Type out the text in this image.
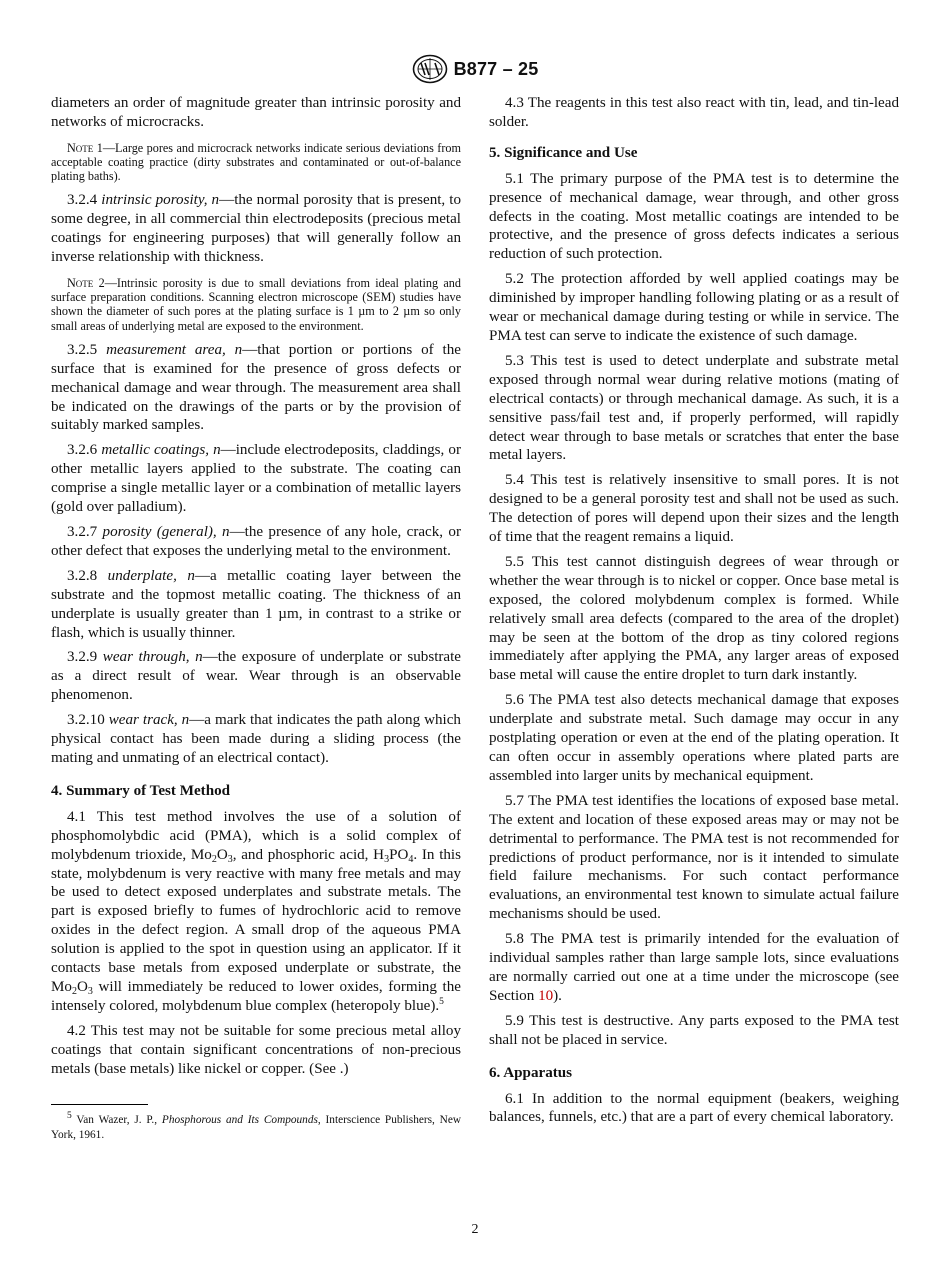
B877 – 25

diameters an order of magnitude greater than intrinsic porosity and networks of microcracks.

Note 1—Large pores and microcrack networks indicate serious deviations from acceptable coating practice (dirty substrates and contaminated or out-of-balance plating baths).

3.2.4 intrinsic porosity, n—the normal porosity that is present, to some degree, in all commercial thin electrodeposits (precious metal coatings for engineering purposes) that will generally follow an inverse relationship with thickness.

Note 2—Intrinsic porosity is due to small deviations from ideal plating and surface preparation conditions. Scanning electron microscope (SEM) studies have shown the diameter of such pores at the plating surface is 1 µm to 2 µm so only small areas of underlying metal are exposed to the environment.

3.2.5 measurement area, n—that portion or portions of the surface that is examined for the presence of gross defects or mechanical damage and wear through. The measurement area shall be indicated on the drawings of the parts or by the provision of suitably marked samples.

3.2.6 metallic coatings, n—include electrodeposits, claddings, or other metallic layers applied to the substrate. The coating can comprise a single metallic layer or a combination of metallic layers (gold over palladium).

3.2.7 porosity (general), n—the presence of any hole, crack, or other defect that exposes the underlying metal to the environment.

3.2.8 underplate, n—a metallic coating layer between the substrate and the topmost metallic coating. The thickness of an underplate is usually greater than 1 µm, in contrast to a strike or flash, which is usually thinner.

3.2.9 wear through, n—the exposure of underplate or substrate as a direct result of wear. Wear through is an observable phenomenon.

3.2.10 wear track, n—a mark that indicates the path along which physical contact has been made during a sliding process (the mating and unmating of an electrical contact).

4. Summary of Test Method

4.1 This test method involves the use of a solution of phosphomolybdic acid (PMA), which is a solid complex of molybdenum trioxide, $Mo_2O_3$, and phosphoric acid, $H_3PO_4$. In this state, molybdenum is very reactive with many free metals and may be used to detect exposed underplates and substrate metals. The part is exposed briefly to fumes of hydrochloric acid to remove oxides in the defect region. A small drop of the aqueous PMA solution is applied to the spot in question using an applicator. If it contacts base metals from exposed underplate or substrate, the $Mo_2O_3$ will immediately be reduced to lower oxides, forming the intensely colored, molybdenum blue complex (heteropoly blue).$^5$

4.2 This test may not be suitable for some precious metal alloy coatings that contain significant concentrations of non-precious metals (base metals) like nickel or copper. (See .)

$^5$ Van Wazer, J. P., Phosphorous and Its Compounds, Interscience Publishers, New York, 1961.

4.3 The reagents in this test also react with tin, lead, and tin-lead solder.

5. Significance and Use

5.1 The primary purpose of the PMA test is to determine the presence of mechanical damage, wear through, and other gross defects in the coating. Most metallic coatings are intended to be protective, and the presence of gross defects indicates a serious reduction of such protection.

5.2 The protection afforded by well applied coatings may be diminished by improper handling following plating or as a result of wear or mechanical damage during testing or while in service. The PMA test can serve to indicate the existence of such damage.

5.3 This test is used to detect underplate and substrate metal exposed through normal wear during relative motions (mating of electrical contacts) or through mechanical damage. As such, it is a sensitive pass/fail test and, if properly performed, will rapidly detect wear through to base metals or scratches that enter the base metal layers.

5.4 This test is relatively insensitive to small pores. It is not designed to be a general porosity test and shall not be used as such. The detection of pores will depend upon their sizes and the length of time that the reagent remains a liquid.

5.5 This test cannot distinguish degrees of wear through or whether the wear through is to nickel or copper. Once base metal is exposed, the colored molybdenum complex is formed. While relatively small area defects (compared to the area of the droplet) may be seen at the bottom of the drop as tiny colored regions immediately after applying the PMA, any larger areas of exposed base metal will cause the entire droplet to turn dark instantly.

5.6 The PMA test also detects mechanical damage that exposes underplate and substrate metal. Such damage may occur in any postplating operation or even at the end of the plating operation. It can often occur in assembly operations where plated parts are assembled into larger units by mechanical equipment.

5.7 The PMA test identifies the locations of exposed base metal. The extent and location of these exposed areas may or may not be detrimental to performance. The PMA test is not recommended for predictions of product performance, nor is it intended to simulate field failure mechanisms. For such contact performance evaluations, an environmental test known to simulate actual failure mechanisms should be used.

5.8 The PMA test is primarily intended for the evaluation of individual samples rather than large sample lots, since evaluations are normally carried out one at a time under the microscope (see Section 10).

5.9 This test is destructive. Any parts exposed to the PMA test shall not be placed in service.

6. Apparatus

6.1 In addition to the normal equipment (beakers, weighing balances, funnels, etc.) that are a part of every chemical laboratory.

2
